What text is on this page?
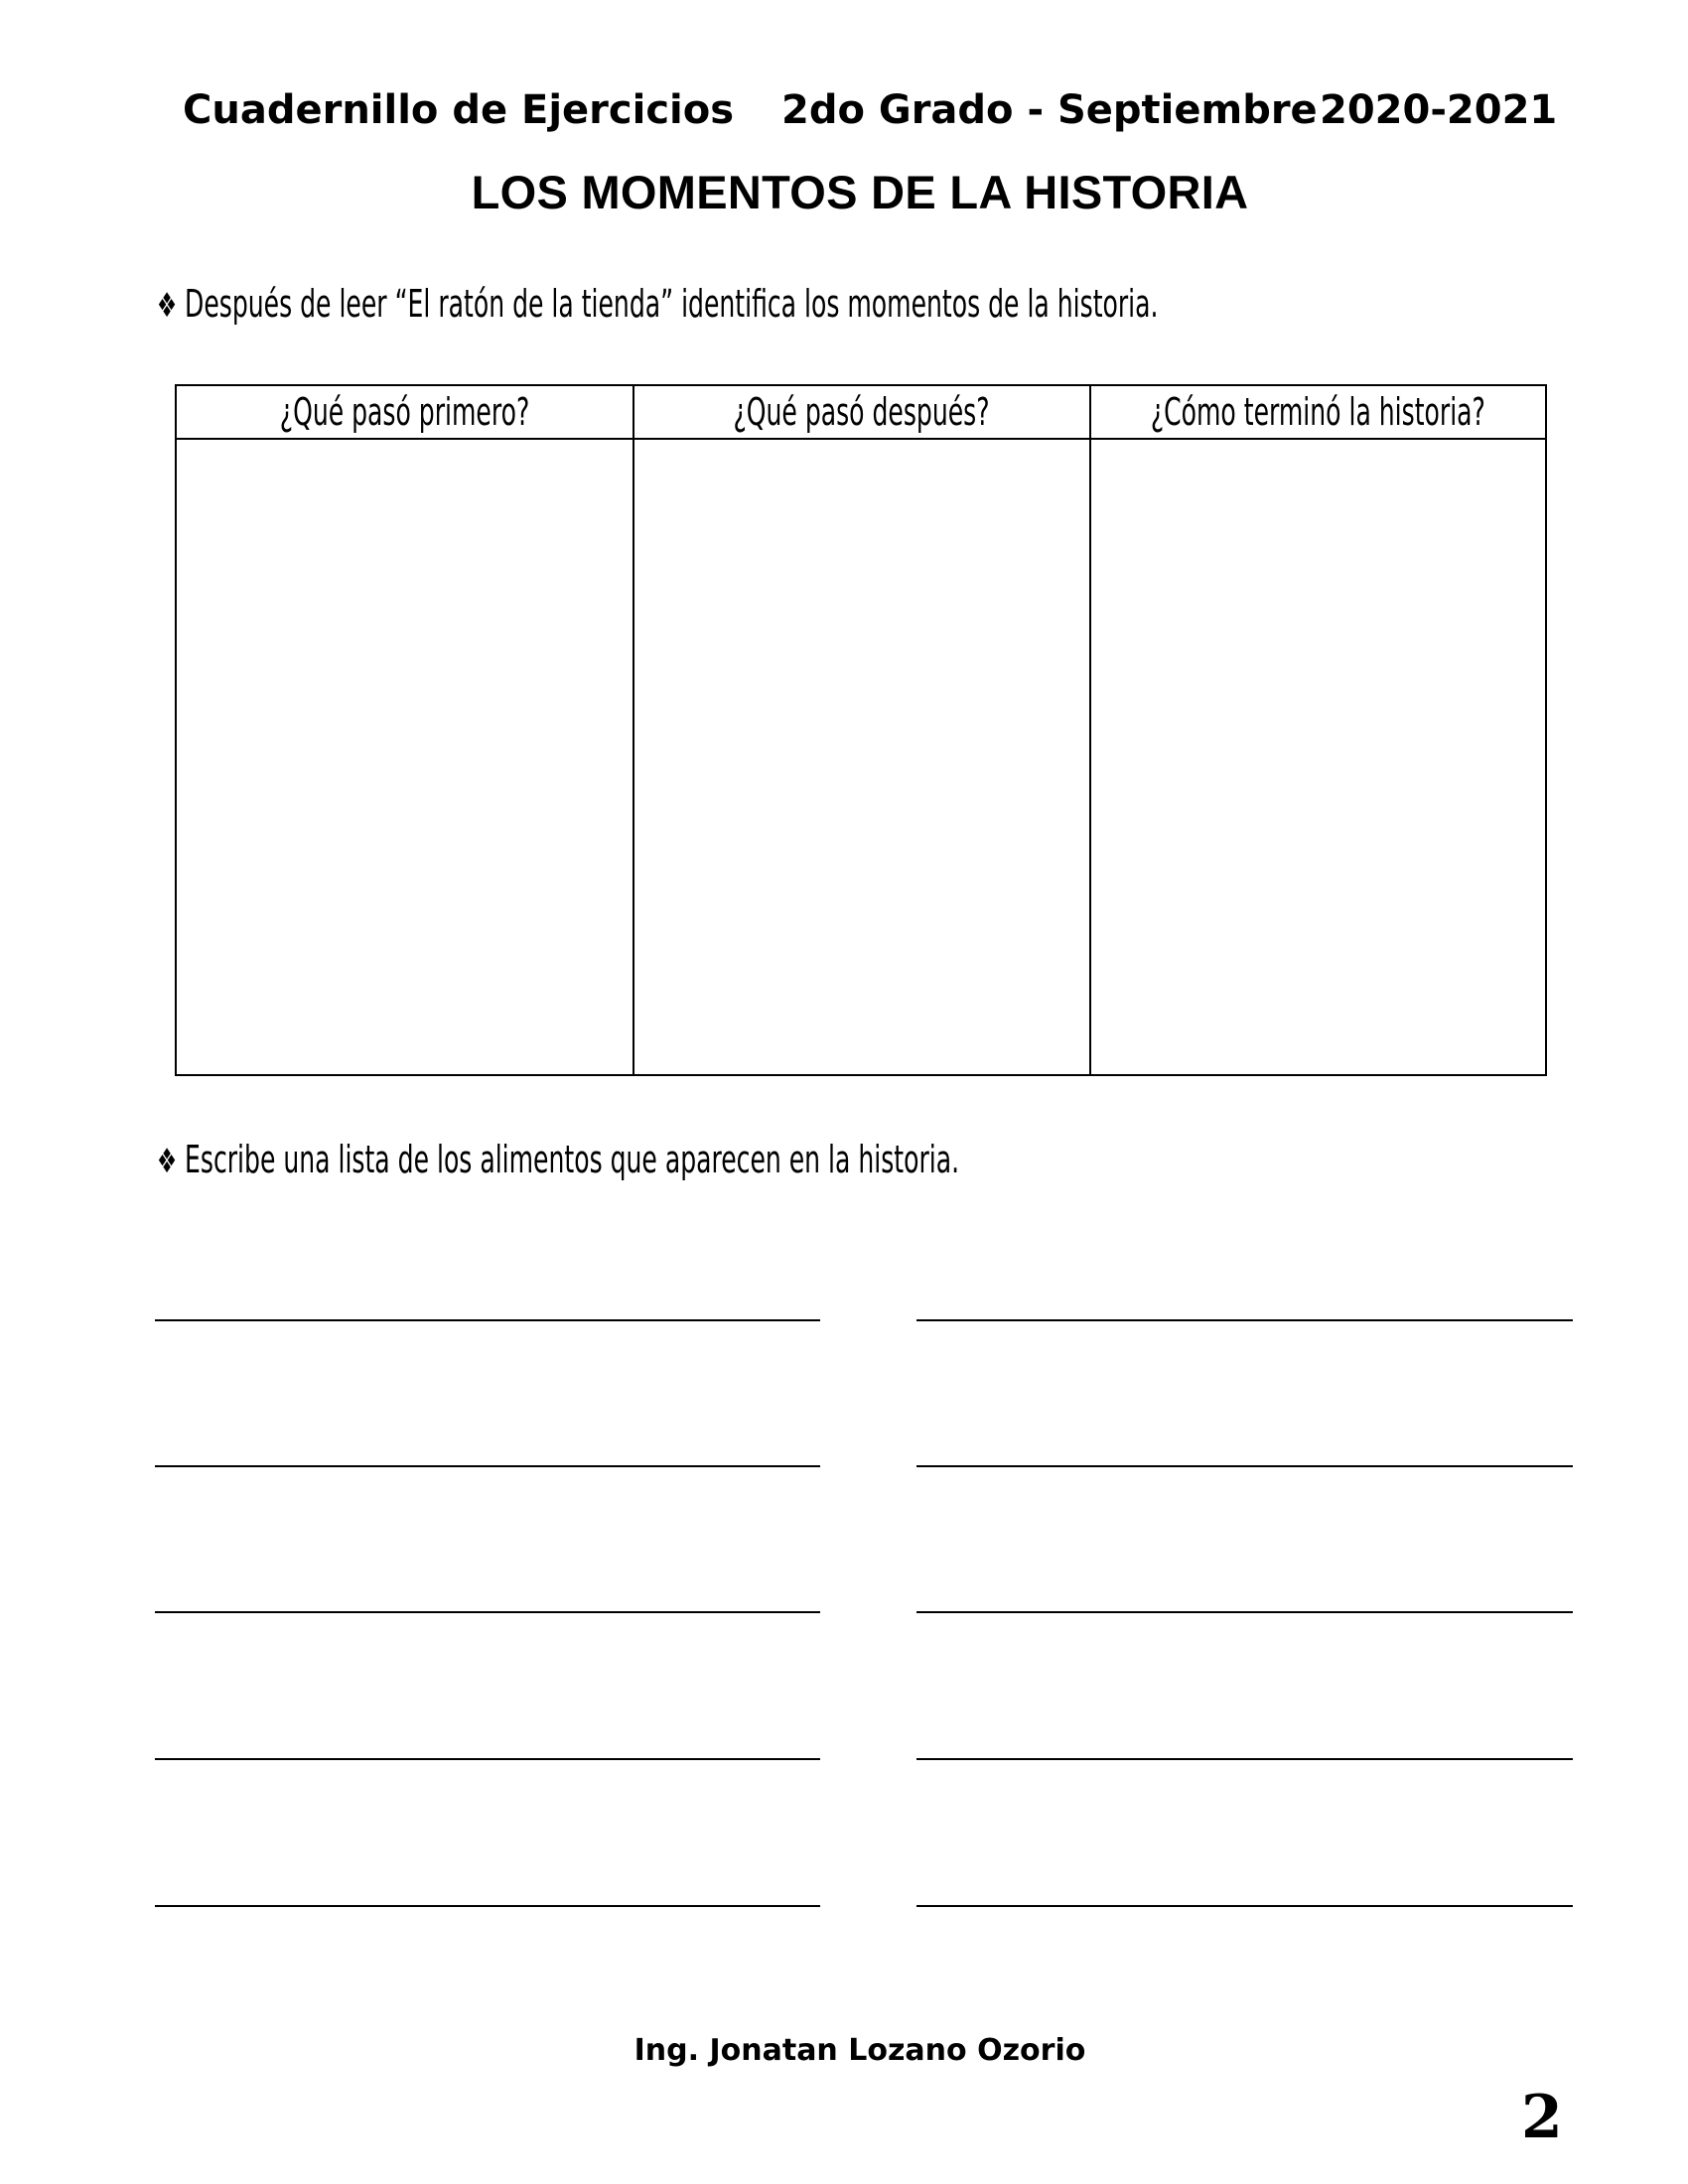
Cuadernillo de Ejercicios 2do Grado - Septiembre 2020-2021
LOS MOMENTOS DE LA HISTORIA
❖ Después de leer “El ratón de la tienda” identifica los momentos de la historia.
¿Qué pasó primero?	¿Qué pasó después?	¿Cómo terminó la historia?
❖ Escribe una lista de los alimentos que aparecen en la historia.
Ing. Jonatan Lozano Ozorio
2
